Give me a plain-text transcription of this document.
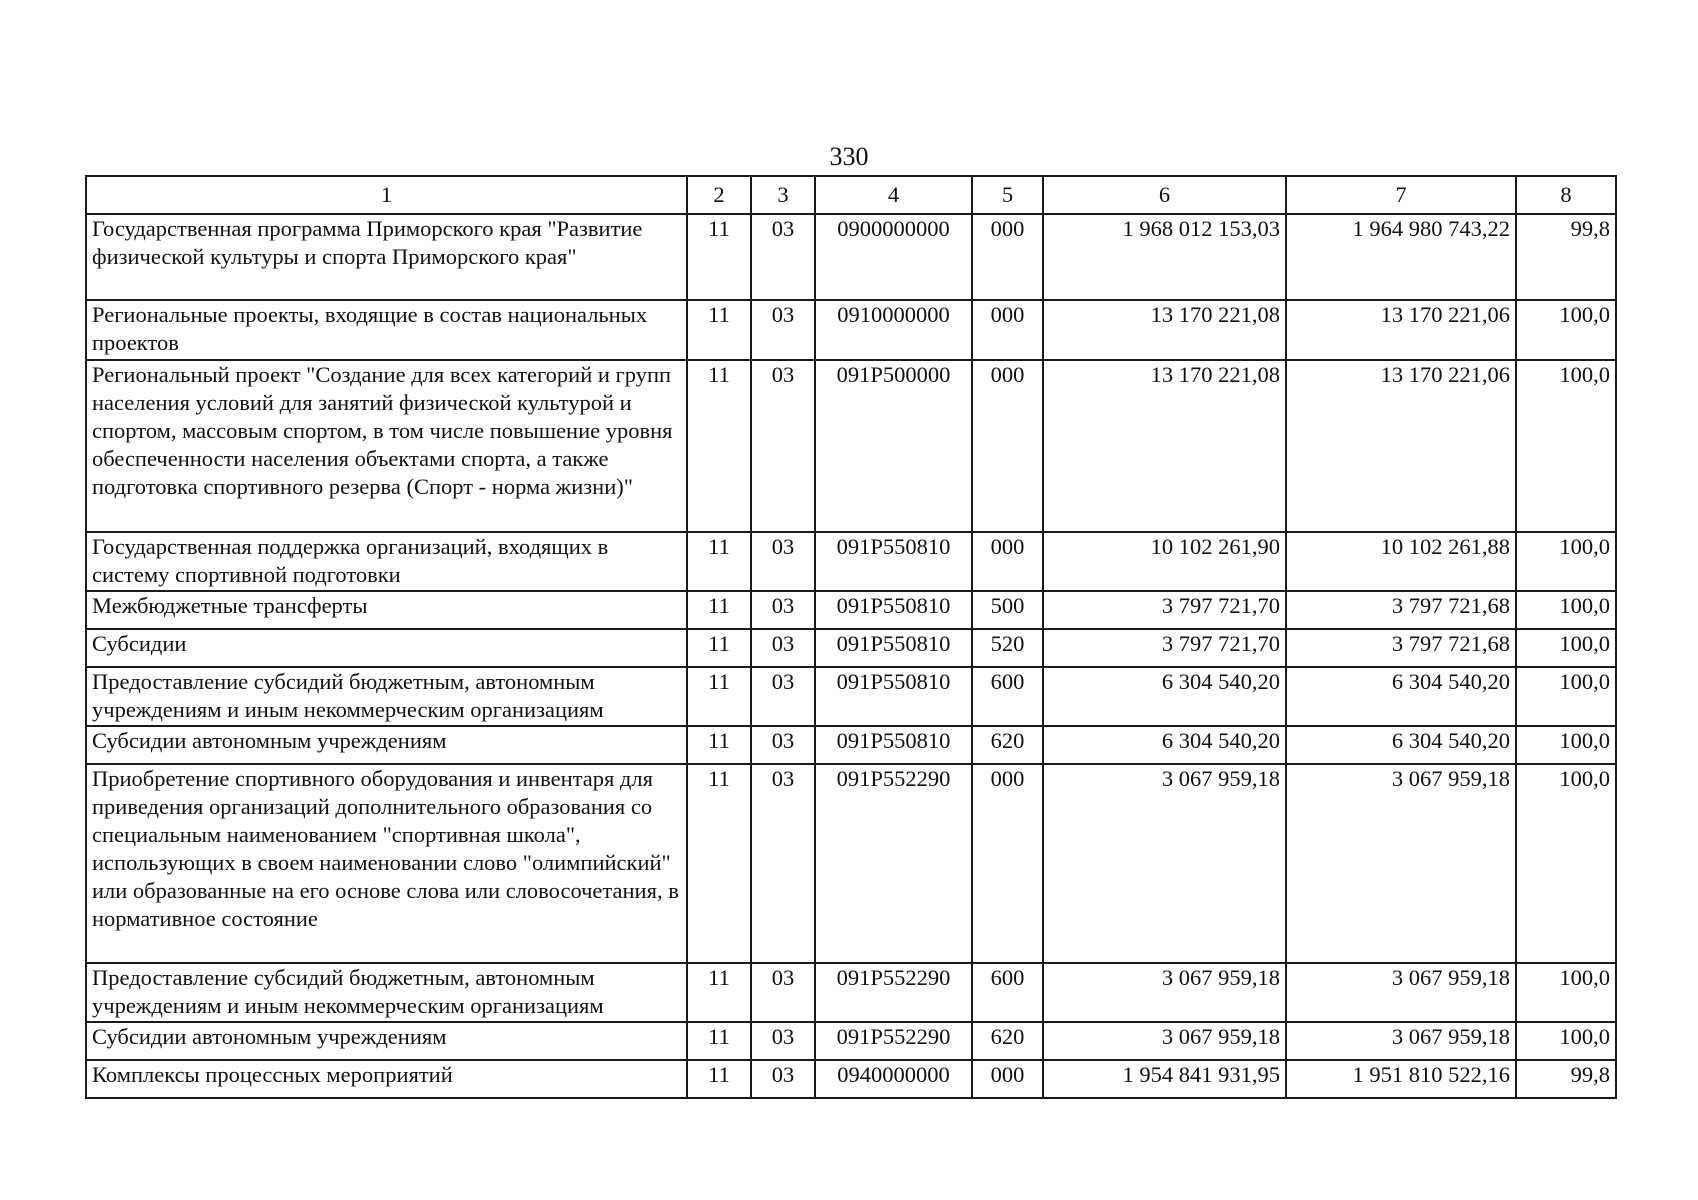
330
1	2	3	4	5	6	7	8
Государственная программа Приморского края "Развитие физической культуры и спорта Приморского края"	11	03	0900000000	000	1 968 012 153,03	1 964 980 743,22	99,8
Региональные проекты, входящие в состав национальных проектов	11	03	0910000000	000	13 170 221,08	13 170 221,06	100,0
Региональный проект "Создание для всех категорий и групп населения условий для занятий физической культурой и спортом, массовым спортом, в том числе повышение уровня обеспеченности населения объектами спорта, а также подготовка спортивного резерва (Спорт - норма жизни)"	11	03	091P500000	000	13 170 221,08	13 170 221,06	100,0
Государственная поддержка организаций, входящих в систему спортивной подготовки	11	03	091P550810	000	10 102 261,90	10 102 261,88	100,0
Межбюджетные трансферты	11	03	091P550810	500	3 797 721,70	3 797 721,68	100,0
Субсидии	11	03	091P550810	520	3 797 721,70	3 797 721,68	100,0
Предоставление субсидий бюджетным, автономным учреждениям и иным некоммерческим организациям	11	03	091P550810	600	6 304 540,20	6 304 540,20	100,0
Субсидии автономным учреждениям	11	03	091P550810	620	6 304 540,20	6 304 540,20	100,0
Приобретение спортивного оборудования и инвентаря для приведения организаций дополнительного образования со специальным наименованием "спортивная школа", использующих в своем наименовании слово "олимпийский" или образованные на его основе слова или словосочетания, в нормативное состояние	11	03	091P552290	000	3 067 959,18	3 067 959,18	100,0
Предоставление субсидий бюджетным, автономным учреждениям и иным некоммерческим организациям	11	03	091P552290	600	3 067 959,18	3 067 959,18	100,0
Субсидии автономным учреждениям	11	03	091P552290	620	3 067 959,18	3 067 959,18	100,0
Комплексы процессных мероприятий	11	03	0940000000	000	1 954 841 931,95	1 951 810 522,16	99,8
